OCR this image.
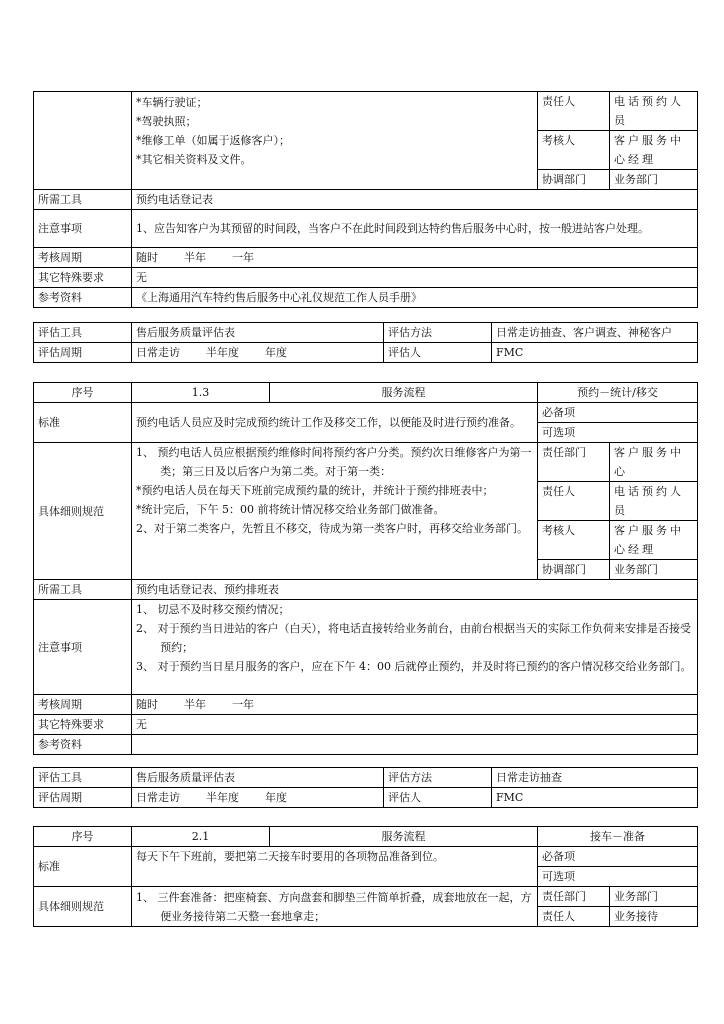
	*车辆行驶证；
*驾驶执照；
*维修工单（如属于返修客户）；
*其它相关资料及文件。	责任人	电话预约人员
		考核人	客户服务中心经理
		协调部门	业务部门
所需工具	预约电话登记表		
注意事项	1、应告知客户为其预留的时间段，当客户不在此时间段到达特约售后服务中心时，按一般进站客户处理。		
考核周期	随时 半年 一年		
其它特殊要求	无		
参考资料	《上海通用汽车特约售后服务中心礼仪规范工作人员手册》		
评估工具	售后服务质量评估表	评估方法	日常走访抽查、客户调查、神秘客户
评估周期	日常走访 半年度 年度	评估人	FMC
序号	1.3	服务流程	预约－统计/移交	
标准	预约电话人员应及时完成预约统计工作及移交工作，以便能及时进行预约准备。		必备项	
			可选项	
具体细则规范	1、 预约电话人员应根据预约维修时间将预约客户分类。预约次日维修客户为第一类；第三日及以后客户为第二类。对于第一类：
*预约电话人员在每天下班前完成预约量的统计，并统计于预约排班表中；
*统计完后，下午 5：00 前将统计情况移交给业务部门做准备。
2、对于第二类客户，先暂且不移交，待成为第一类客户时，再移交给业务部门。		责任部门	客户服务中心
			责任人	电话预约人员
			考核人	客户服务中心经理
			协调部门	业务部门
所需工具	预约电话登记表、预约排班表			
注意事项	1、 切忌不及时移交预约情况；
2、 对于预约当日进站的客户（白天），将电话直接转给业务前台，由前台根据当天的实际工作负荷来安排是否接受预约；
3、 对于预约当日星月服务的客户，应在下午 4：00 后就停止预约，并及时将已预约的客户情况移交给业务部门。			

考核周期	随时 半年 一年			
其它特殊要求	无			
参考资料				
评估工具	售后服务质量评估表	评估方法	日常走访抽查
评估周期	日常走访 半年度 年度	评估人	FMC
序号	2.1	服务流程	接车－准备	
标准	每天下午下班前，要把第二天接车时要用的各项物品准备到位。		必备项	
			可选项	
具体细则规范	1、 三件套准备：把座椅套、方向盘套和脚垫三件简单折叠，成套地放在一起，方便业务接待第二天整一套地拿走；		责任部门	业务部门
			责任人	业务接待
